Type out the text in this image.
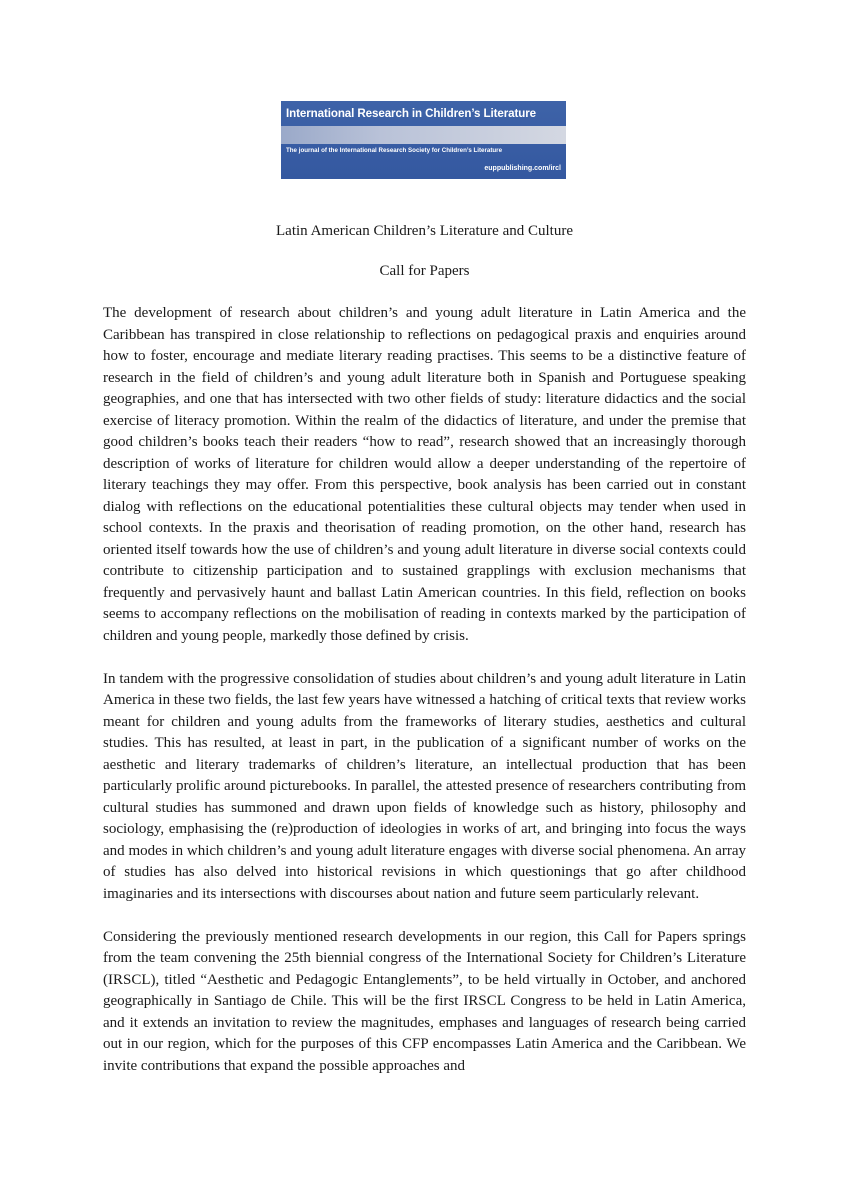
International Research in Children’s Literature
The journal of the International Research Society for Children’s Literature
euppublishing.com/ircl
Latin American Children’s Literature and Culture
Call for Papers

The development of research about children’s and young adult literature in Latin America and the Caribbean has transpired in close relationship to reflections on pedagogical praxis and enquiries around how to foster, encourage and mediate literary reading practises. This seems to be a distinctive feature of research in the field of children’s and young adult literature both in Spanish and Portuguese speaking geographies, and one that has intersected with two other fields of study: literature didactics and the social exercise of literacy promotion. Within the realm of the didactics of literature, and under the premise that good children’s books teach their readers “how to read”, research showed that an increasingly thorough description of works of literature for children would allow a deeper understanding of the repertoire of literary teachings they may offer. From this perspective, book analysis has been carried out in constant dialog with reflections on the educational potentialities these cultural objects may tender when used in school contexts. In the praxis and theorisation of reading promotion, on the other hand, research has oriented itself towards how the use of children’s and young adult literature in diverse social contexts could contribute to citizenship participation and to sustained grapplings with exclusion mechanisms that frequently and pervasively haunt and ballast Latin American countries. In this field, reflection on books seems to accompany reflections on the mobilisation of reading in contexts marked by the participation of children and young people, markedly those defined by crisis.

In tandem with the progressive consolidation of studies about children’s and young adult literature in Latin America in these two fields, the last few years have witnessed a hatching of critical texts that review works meant for children and young adults from the frameworks of literary studies, aesthetics and cultural studies. This has resulted, at least in part, in the publication of a significant number of works on the aesthetic and literary trademarks of children’s literature, an intellectual production that has been particularly prolific around picturebooks. In parallel, the attested presence of researchers contributing from cultural studies has summoned and drawn upon fields of knowledge such as history, philosophy and sociology, emphasising the (re)production of ideologies in works of art, and bringing into focus the ways and modes in which children’s and young adult literature engages with diverse social phenomena. An array of studies has also delved into historical revisions in which questionings that go after childhood imaginaries and its intersections with discourses about nation and future seem particularly relevant.

Considering the previously mentioned research developments in our region, this Call for Papers springs from the team convening the 25th biennial congress of the International Society for Children’s Literature (IRSCL), titled “Aesthetic and Pedagogic Entanglements”, to be held virtually in October, and anchored geographically in Santiago de Chile. This will be the first IRSCL Congress to be held in Latin America, and it extends an invitation to review the magnitudes, emphases and languages of research being carried out in our region, which for the purposes of this CFP encompasses Latin America and the Caribbean. We invite contributions that expand the possible approaches and
